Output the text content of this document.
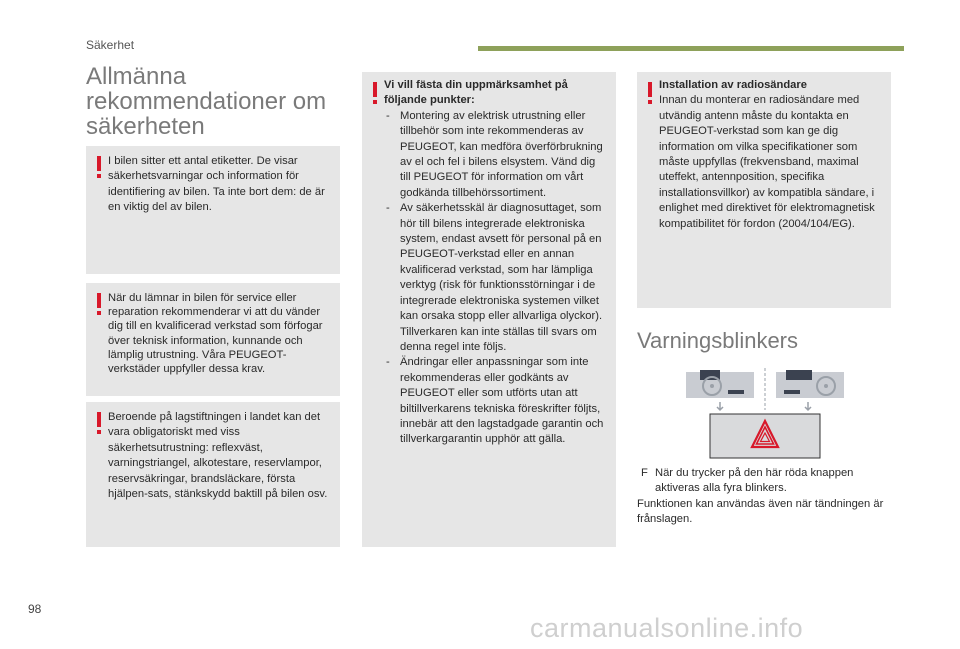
Säkerhet
Allmänna
rekommendationer om
säkerheten

I bilen sitter ett antal etiketter. De visar säkerhetsvarningar och information för identifiering av bilen. Ta inte bort dem: de är en viktig del av bilen.

När du lämnar in bilen för service eller reparation rekommenderar vi att du vänder dig till en kvalificerad verkstad som förfogar över teknisk information, kunnande och lämplig utrustning. Våra PEUGEOT-verkstäder uppfyller dessa krav.

Beroende på lagstiftningen i landet kan det vara obligatoriskt med viss säkerhetsutrustning: reflexväst, varningstriangel, alkotestare, reservlampor, reservsäkringar, brandsläckare, första hjälpen-sats, stänkskydd baktill på bilen osv.

Vi vill fästa din uppmärksamhet på följande punkter:

- Montering av elektrisk utrustning eller tillbehör som inte rekommenderas av PEUGEOT, kan medföra överförbrukning av el och fel i bilens elsystem. Vänd dig till PEUGEOT för information om vårt godkända tillbehörssortiment.
- Av säkerhetsskäl är diagnosuttaget, som hör till bilens integrerade elektroniska system, endast avsett för personal på en PEUGEOT-verkstad eller en annan kvalificerad verkstad, som har lämpliga verktyg (risk för funktionsstörningar i de integrerade elektroniska systemen vilket kan orsaka stopp eller allvarliga olyckor). Tillverkaren kan inte ställas till svars om denna regel inte följs.
- Ändringar eller anpassningar som inte rekommenderas eller godkänts av PEUGEOT eller som utförts utan att biltillverkarens tekniska föreskrifter följts, innebär att den lagstadgade garantin och tillverkargarantin upphör att gälla.

Installation av radiosändare

Innan du monterar en radiosändare med utvändig antenn måste du kontakta en PEUGEOT-verkstad som kan ge dig information om vilka specifikationer som måste uppfyllas (frekvensband, maximal uteffekt, antennposition, specifika installationsvillkor) av kompatibla sändare, i enlighet med direktivet för elektromagnetisk kompatibilitet för fordon (2004/104/EG).

Varningsblinkers

F När du trycker på den här röda knappen aktiveras alla fyra blinkers.

Funktionen kan användas även när tändningen är frånslagen.

98
carmanualsonline.info
